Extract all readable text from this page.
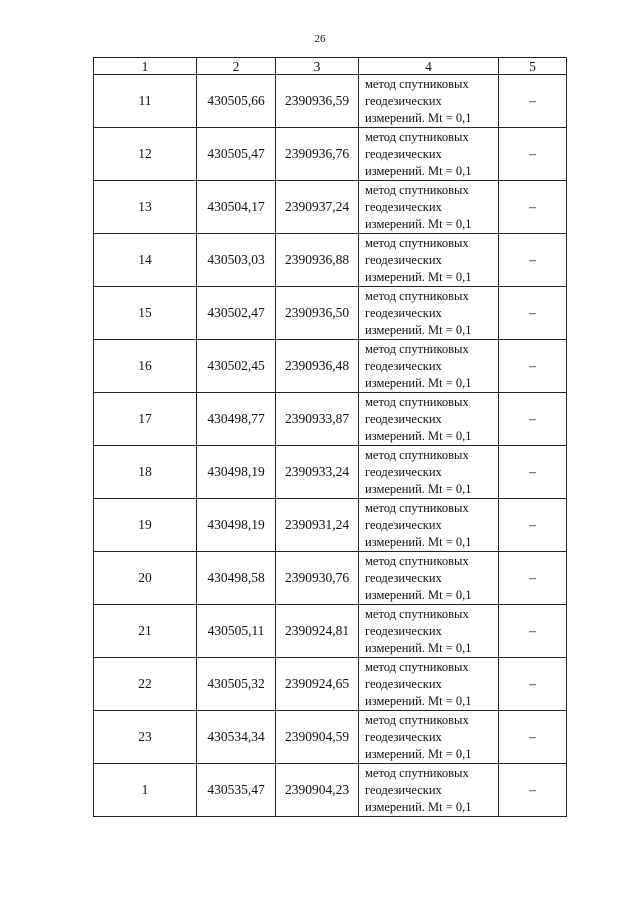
26
1	2	3	4	5
11	430505,66	2390936,59	метод спутниковых
геодезических
измерений. Mt = 0,1	–
12	430505,47	2390936,76	метод спутниковых
геодезических
измерений. Mt = 0,1	–
13	430504,17	2390937,24	метод спутниковых
геодезических
измерений. Mt = 0,1	–
14	430503,03	2390936,88	метод спутниковых
геодезических
измерений. Mt = 0,1	–
15	430502,47	2390936,50	метод спутниковых
геодезических
измерений. Mt = 0,1	–
16	430502,45	2390936,48	метод спутниковых
геодезических
измерений. Mt = 0,1	–
17	430498,77	2390933,87	метод спутниковых
геодезических
измерений. Mt = 0,1	–
18	430498,19	2390933,24	метод спутниковых
геодезических
измерений. Mt = 0,1	–
19	430498,19	2390931,24	метод спутниковых
геодезических
измерений. Mt = 0,1	–
20	430498,58	2390930,76	метод спутниковых
геодезических
измерений. Mt = 0,1	–
21	430505,11	2390924,81	метод спутниковых
геодезических
измерений. Mt = 0,1	–
22	430505,32	2390924,65	метод спутниковых
геодезических
измерений. Mt = 0,1	–
23	430534,34	2390904,59	метод спутниковых
геодезических
измерений. Mt = 0,1	–
1	430535,47	2390904,23	метод спутниковых
геодезических
измерений. Mt = 0,1	–
